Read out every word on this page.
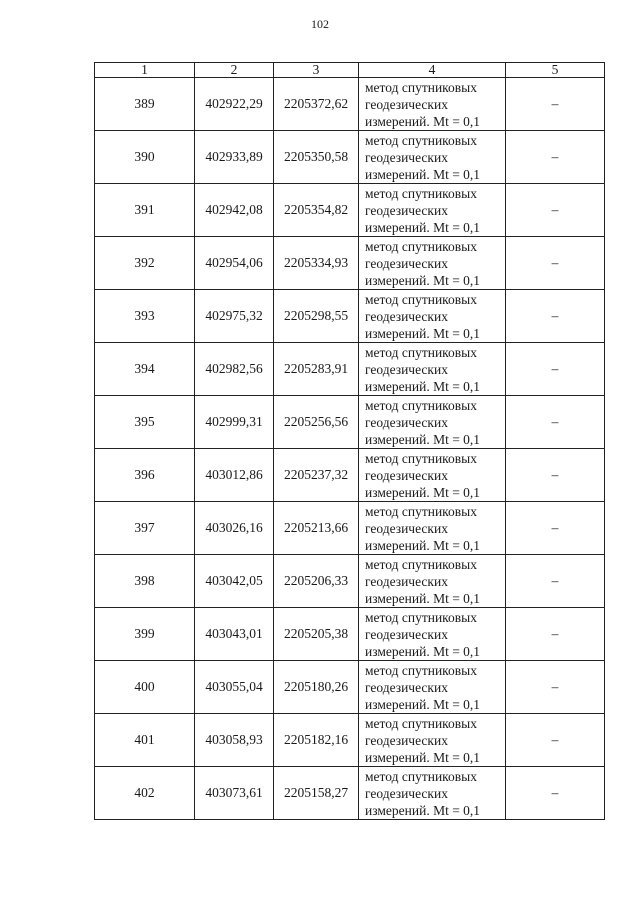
102
1	2	3	4	5
389	402922,29	2205372,62	метод спутниковых
геодезических
измерений. Mt = 0,1	–
390	402933,89	2205350,58	метод спутниковых
геодезических
измерений. Mt = 0,1	–
391	402942,08	2205354,82	метод спутниковых
геодезических
измерений. Mt = 0,1	–
392	402954,06	2205334,93	метод спутниковых
геодезических
измерений. Mt = 0,1	–
393	402975,32	2205298,55	метод спутниковых
геодезических
измерений. Mt = 0,1	–
394	402982,56	2205283,91	метод спутниковых
геодезических
измерений. Mt = 0,1	–
395	402999,31	2205256,56	метод спутниковых
геодезических
измерений. Mt = 0,1	–
396	403012,86	2205237,32	метод спутниковых
геодезических
измерений. Mt = 0,1	–
397	403026,16	2205213,66	метод спутниковых
геодезических
измерений. Mt = 0,1	–
398	403042,05	2205206,33	метод спутниковых
геодезических
измерений. Mt = 0,1	–
399	403043,01	2205205,38	метод спутниковых
геодезических
измерений. Mt = 0,1	–
400	403055,04	2205180,26	метод спутниковых
геодезических
измерений. Mt = 0,1	–
401	403058,93	2205182,16	метод спутниковых
геодезических
измерений. Mt = 0,1	–
402	403073,61	2205158,27	метод спутниковых
геодезических
измерений. Mt = 0,1	–
